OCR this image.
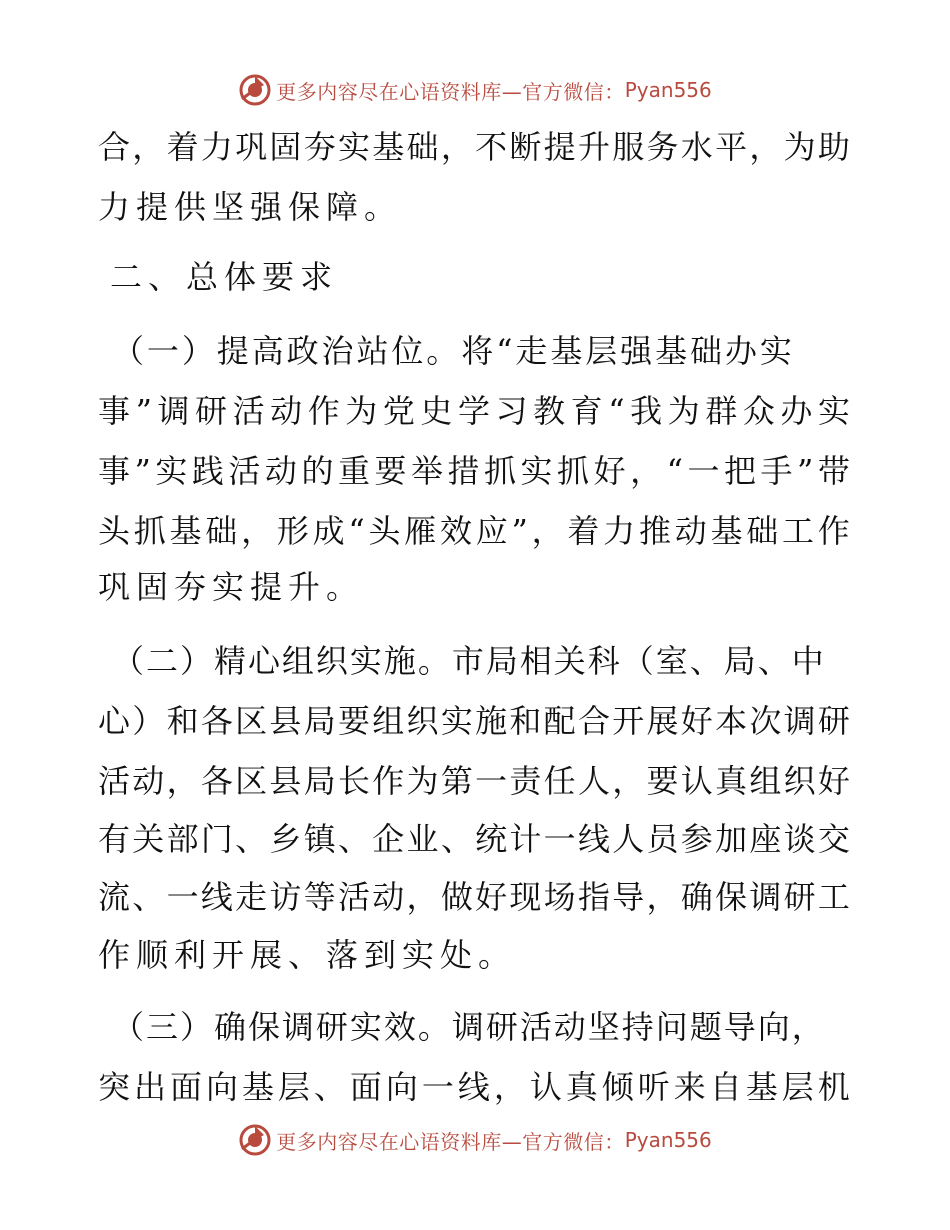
更多内容尽在心语资料库—官方微信： Pyan556
合 ， 着 力 巩 固 夯 实 基 础 ， 不 断 提 升 服 务 水 平 ， 为 助
力提供坚强保障。
二、总体要求
（ 一 ） 提 高 政 治 站 位 。 将 “ 走 基 层 强 基 础 办 实
事 ” 调 研 活 动 作 为 党 史 学 习 教 育 “ 我 为 群 众 办 实
事 ” 实 践 活 动 的 重 要 举 措 抓 实 抓 好 ， “ 一 把 手 ” 带
头 抓 基 础 ， 形 成 “ 头 雁 效 应 ” ， 着 力 推 动 基 础 工 作
巩固夯实提升。
（ 二 ） 精 心 组 织 实 施 。 市 局 相 关 科 （ 室 、 局 、 中
心 ） 和 各 区 县 局 要 组 织 实 施 和 配 合 开 展 好 本 次 调 研
活 动 ， 各 区 县 局 长 作 为 第 一 责 任 人 ， 要 认 真 组 织 好
有 关 部 门 、 乡 镇 、 企 业 、 统 计 一 线 人 员 参 加 座 谈 交
流 、 一 线 走 访 等 活 动 ， 做 好 现 场 指 导 ， 确 保 调 研 工
作顺利开展、落到实处。
（ 三 ） 确 保 调 研 实 效 。 调 研 活 动 坚 持 问 题 导 向 ，
突 出 面 向 基 层 、 面 向 一 线 ， 认 真 倾 听 来 自 基 层 机
更多内容尽在心语资料库—官方微信： Pyan556
